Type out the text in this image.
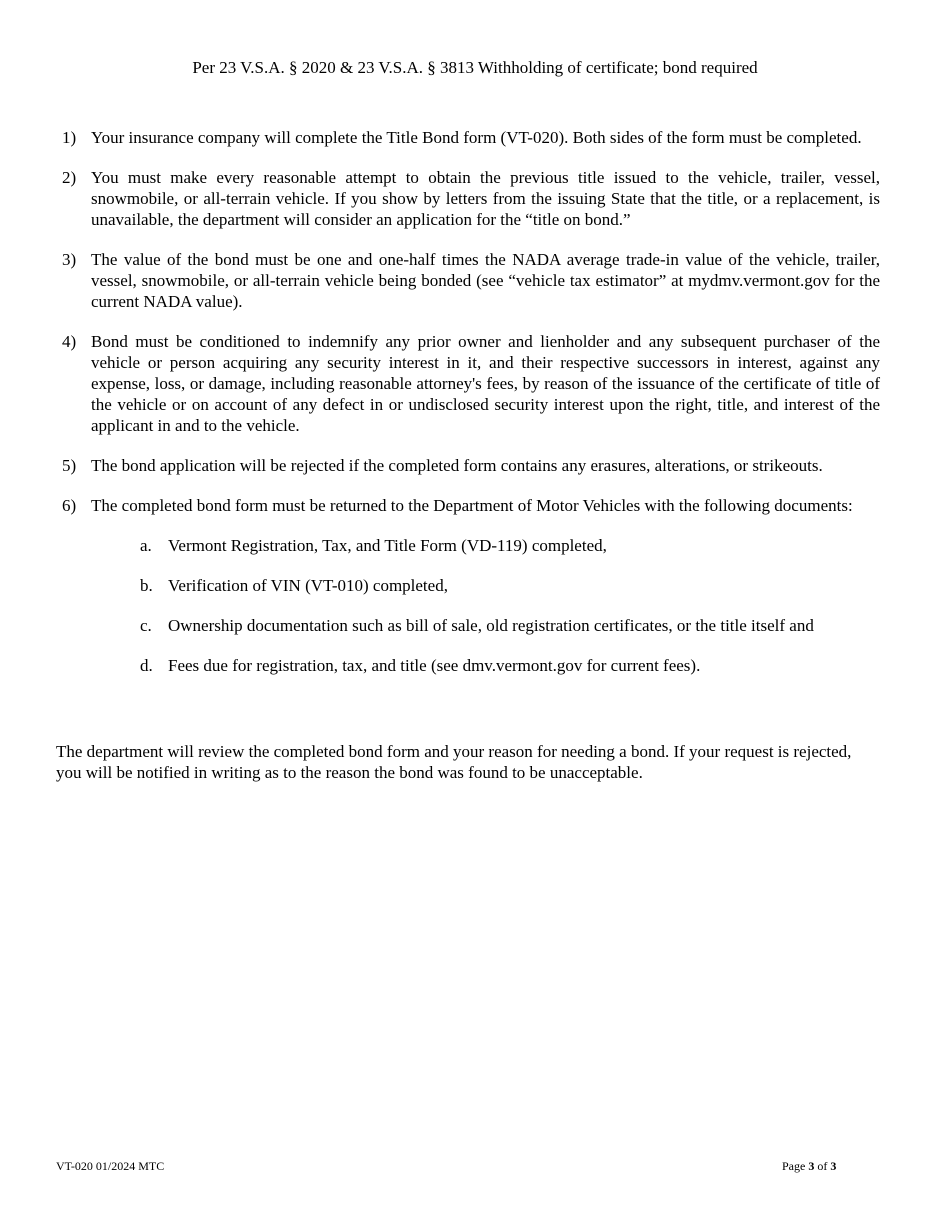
Per 23 V.S.A. § 2020 & 23 V.S.A. § 3813 Withholding of certificate; bond required
1) Your insurance company will complete the Title Bond form (VT-020). Both sides of the form must be completed.
2) You must make every reasonable attempt to obtain the previous title issued to the vehicle, trailer, vessel, snowmobile, or all-terrain vehicle. If you show by letters from the issuing State that the title, or a replacement, is unavailable, the department will consider an application for the “title on bond.”
3) The value of the bond must be one and one-half times the NADA average trade-in value of the vehicle, trailer, vessel, snowmobile, or all-terrain vehicle being bonded (see “vehicle tax estimator” at mydmv.vermont.gov for the current NADA value).
4) Bond must be conditioned to indemnify any prior owner and lienholder and any subsequent purchaser of the vehicle or person acquiring any security interest in it, and their respective successors in interest, against any expense, loss, or damage, including reasonable attorney's fees, by reason of the issuance of the certificate of title of the vehicle or on account of any defect in or undisclosed security interest upon the right, title, and interest of the applicant in and to the vehicle.
5) The bond application will be rejected if the completed form contains any erasures, alterations, or strikeouts.
6) The completed bond form must be returned to the Department of Motor Vehicles with the following documents:
a. Vermont Registration, Tax, and Title Form (VD-119) completed,
b. Verification of VIN (VT-010) completed,
c. Ownership documentation such as bill of sale, old registration certificates, or the title itself and
d. Fees due for registration, tax, and title (see dmv.vermont.gov for current fees).

The department will review the completed bond form and your reason for needing a bond. If your request is rejected, you will be notified in writing as to the reason the bond was found to be unacceptable.

VT-020 01/2024 MTC	Page 3 of 3
